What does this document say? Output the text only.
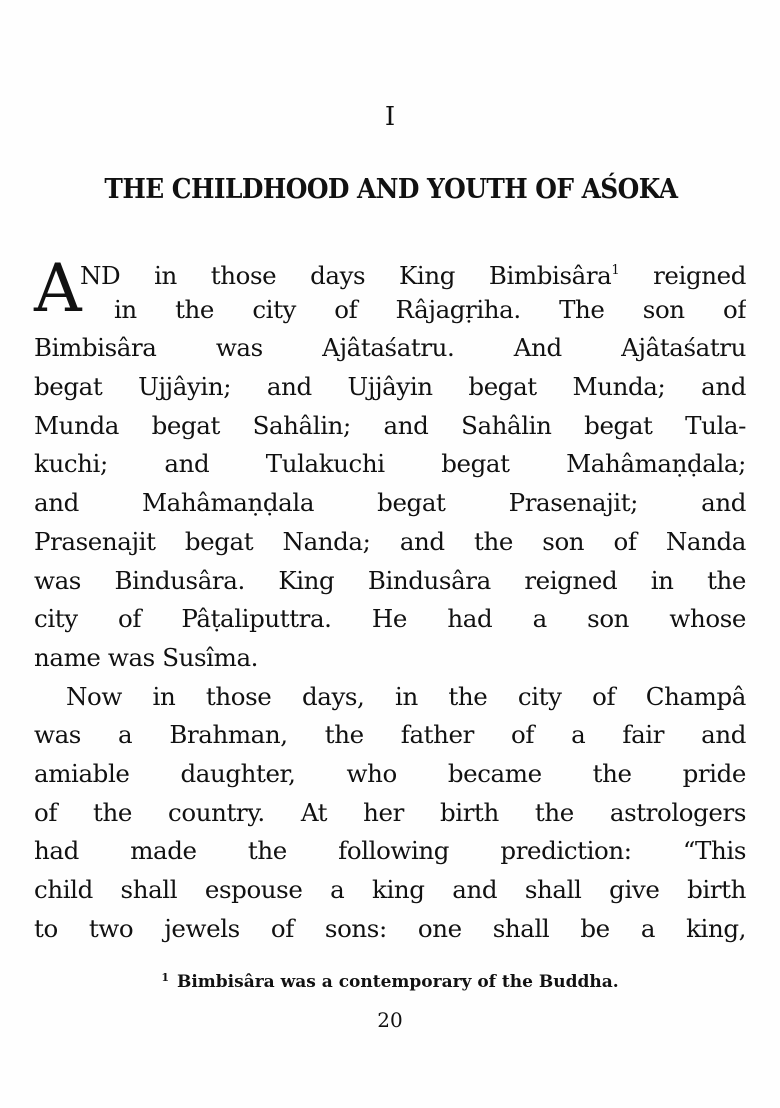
I
THE CHILDHOOD AND YOUTH OF AŚOKA
A
ND in those days King Bimbisâra$^1$ reigned
in the city of Râjagṛiha. The son of
Bimbisâra was Ajâtaśatru. And Ajâtaśatru
begat Ujjâyin; and Ujjâyin begat Munda; and
Munda begat Sahâlin; and Sahâlin begat Tula-
kuchi; and Tulakuchi begat Mahâmaṇḍala;
and Mahâmaṇḍala begat Prasenajit; and
Prasenajit begat Nanda; and the son of Nanda
was Bindusâra. King Bindusâra reigned in the
city of Pâṭaliputtra. He had a son whose
name was Susîma.
Now in those days, in the city of Champâ
was a Brahman, the father of a fair and
amiable daughter, who became the pride
of the country. At her birth the astrologers
had made the following prediction: “This
child shall espouse a king and shall give birth
to two jewels of sons: one shall be a king,
$^1$ Bimbisâra was a contemporary of the Buddha.
20
